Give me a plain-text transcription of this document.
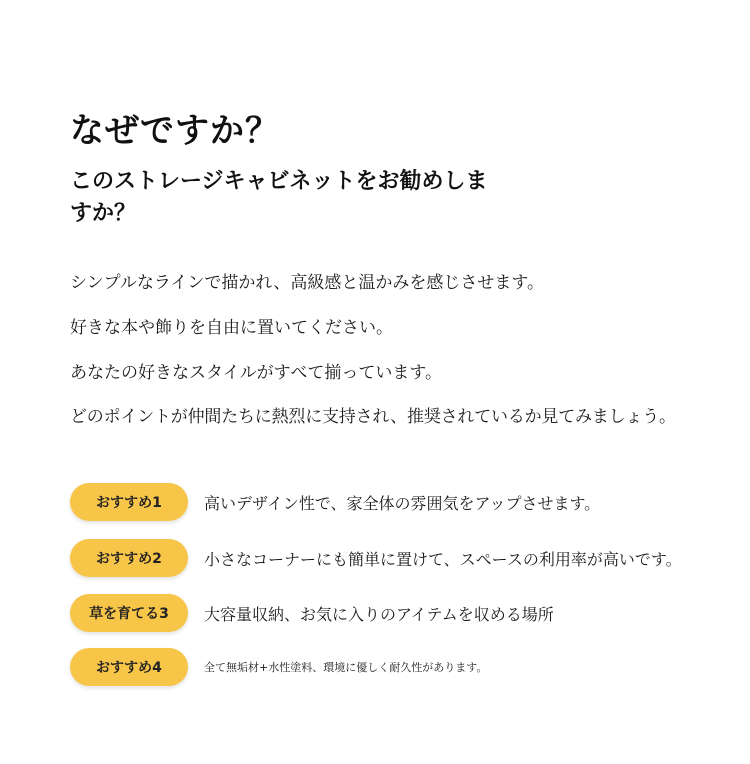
なぜですか？
このストレージキャビネットをお勧めしますか？
シンプルなラインで描かれ、高級感と温かみを感じさせます。
好きな本や飾りを自由に置いてください。
あなたの好きなスタイルがすべて揃っています。
どのポイントが仲間たちに熱烈に支持され、推奨されているか見てみましょう。
おすすめ1	高いデザイン性で、家全体の雰囲気をアップさせます。
おすすめ2	小さなコーナーにも簡単に置けて、スペースの利用率が高いです。
草を育てる3	大容量収納、お気に入りのアイテムを収める場所
おすすめ4	全て無垢材+水性塗料、環境に優しく耐久性があります。
